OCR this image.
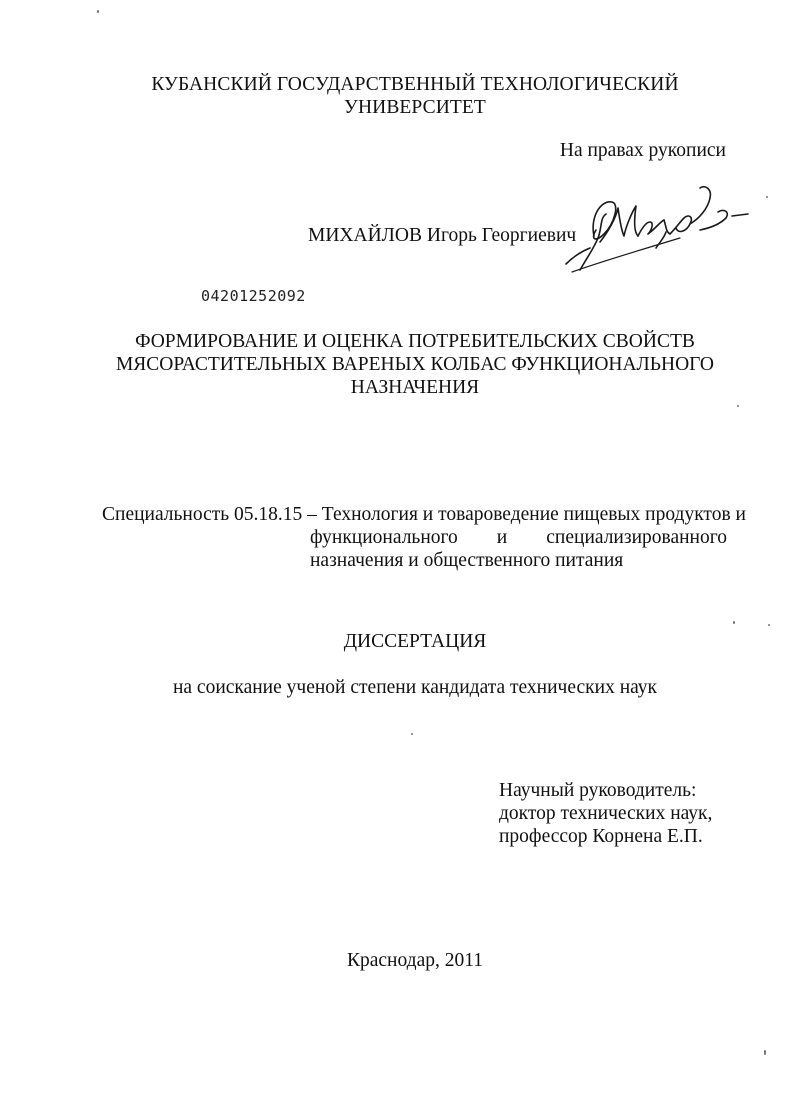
КУБАНСКИЙ ГОСУДАРСТВЕННЫЙ ТЕХНОЛОГИЧЕСКИЙ
УНИВЕРСИТЕТ
На правах рукописи
МИХАЙЛОВ Игорь Георгиевич
04201252092
ФОРМИРОВАНИЕ И ОЦЕНКА ПОТРЕБИТЕЛЬСКИХ СВОЙСТВ
МЯСОРАСТИТЕЛЬНЫХ ВАРЕНЫХ КОЛБАС ФУНКЦИОНАЛЬНОГО
НАЗНАЧЕНИЯ
Специальность 05.18.15 – Технология и товароведение пищевых продуктов и
функционального и специализированного
назначения и общественного питания
ДИССЕРТАЦИЯ
на соискание ученой степени кандидата технических наук
Научный руководитель:
доктор технических наук,
профессор Корнена Е.П.
Краснодар, 2011
